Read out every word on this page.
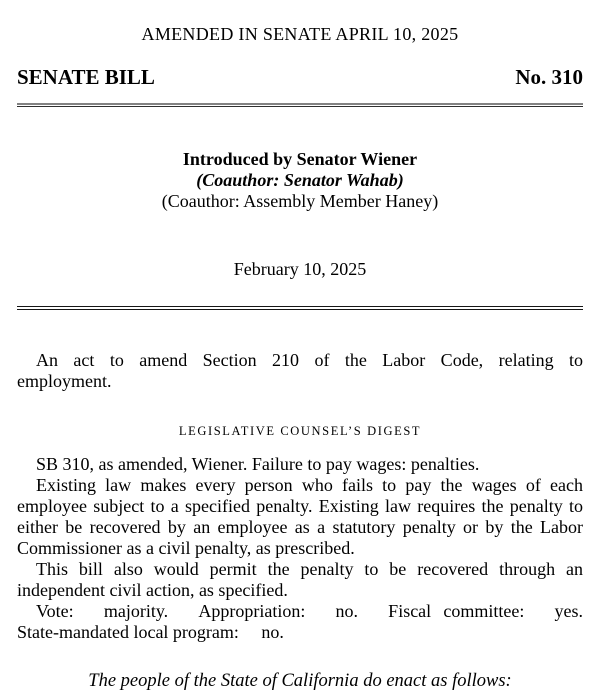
AMENDED IN SENATE APRIL 10, 2025
SENATE BILL	No. 310
Introduced by Senator Wiener
(Coauthor: Senator Wahab)
(Coauthor: Assembly Member Haney)
February 10, 2025

An act to amend Section 210 of the Labor Code, relating to employment.

LEGISLATIVE COUNSEL’S DIGEST

SB 310, as amended, Wiener. Failure to pay wages: penalties.

Existing law makes every person who fails to pay the wages of each employee subject to a specified penalty. Existing law requires the penalty to either be recovered by an employee as a statutory penalty or by the Labor Commissioner as a civil penalty, as prescribed.

This bill also would permit the penalty to be recovered through an independent civil action, as specified.

Vote:  majority.  Appropriation:  no.  Fiscal committee:  yes. State-mandated local program:  no.

The people of the State of California do enact as follows:
